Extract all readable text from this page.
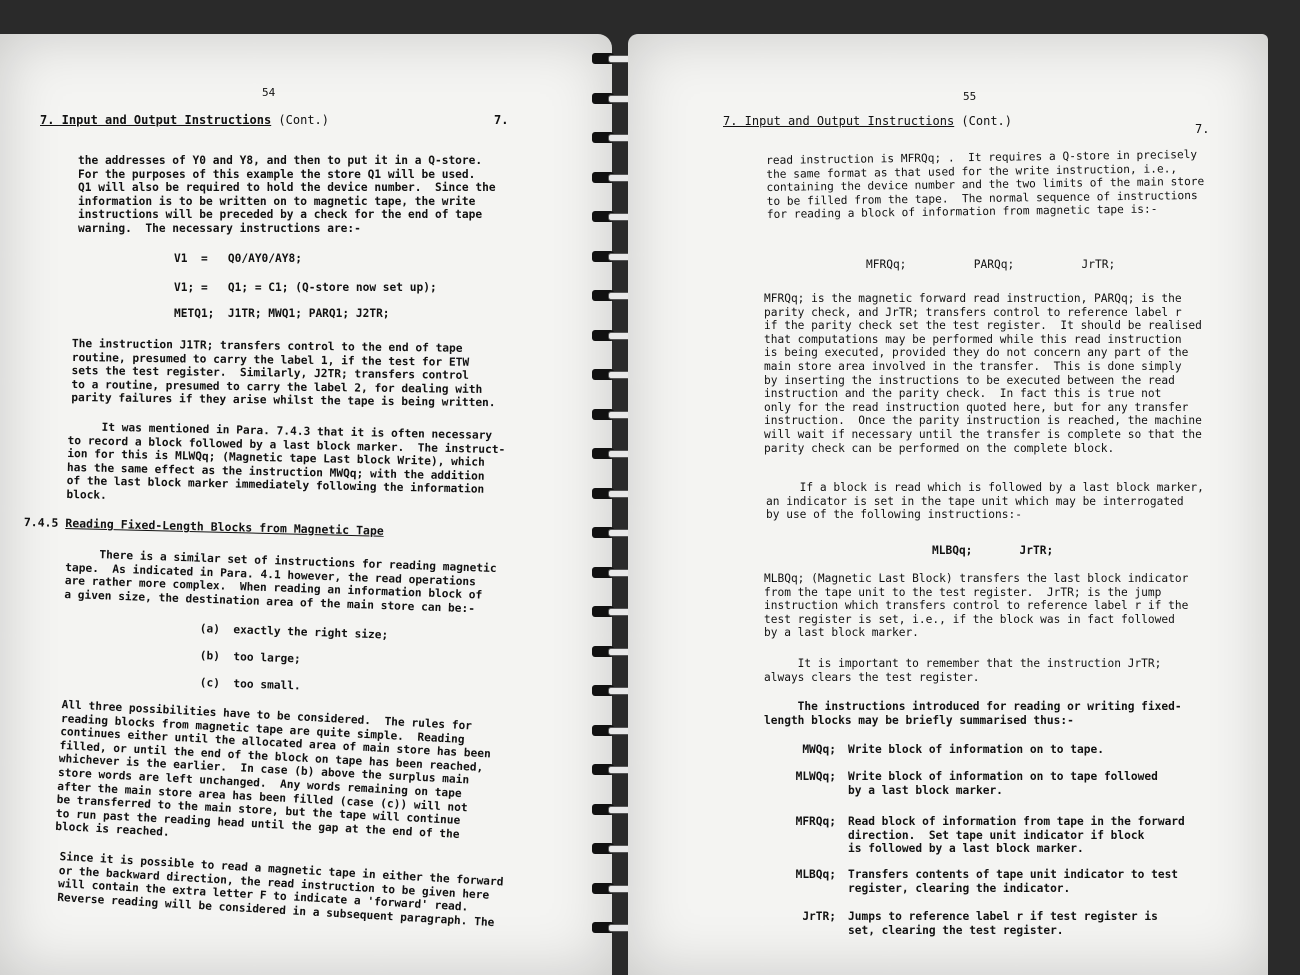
54
7. Input and Output Instructions (Cont.)	7.
the addresses of Y0 and Y8, and then to put it in a Q-store.
For the purposes of this example the store Q1 will be used.
Q1 will also be required to hold the device number.  Since the
information is to be written on to magnetic tape, the write
instructions will be preceded by a check for the end of tape
warning.  The necessary instructions are:-
V1  =   Q0/AY0/AY8;
V1; =   Q1; = C1; (Q-store now set up);
METQ1;  J1TR; MWQ1; PARQ1; J2TR;
The instruction J1TR; transfers control to the end of tape
routine, presumed to carry the label 1, if the test for ETW
sets the test register.  Similarly, J2TR; transfers control
to a routine, presumed to carry the label 2, for dealing with
parity failures if they arise whilst the tape is being written.
It was mentioned in Para. 7.4.3 that it is often necessary
to record a block followed by a last block marker.  The instruct-
ion for this is MLWQq; (Magnetic tape Last block Write), which
has the same effect as the instruction MWQq; with the addition
of the last block marker immediately following the information
block.
7.4.5 Reading Fixed-Length Blocks from Magnetic Tape
There is a similar set of instructions for reading magnetic
tape.  As indicated in Para. 4.1 however, the read operations
are rather more complex.  When reading an information block of
a given size, the destination area of the main store can be:-
(a)  exactly the right size;
(b)  too large;
(c)  too small.
All three possibilities have to be considered.  The rules for
reading blocks from magnetic tape are quite simple.  Reading
continues either until the allocated area of main store has been
filled, or until the end of the block on tape has been reached,
whichever is the earlier.  In case (b) above the surplus main
store words are left unchanged.  Any words remaining on tape
after the main store area has been filled (case (c)) will not
be transferred to the main store, but the tape will continue
to run past the reading head until the gap at the end of the
block is reached.
Since it is possible to read a magnetic tape in either the forward
or the backward direction, the read instruction to be given here
will contain the extra letter F to indicate a 'forward' read.
Reverse reading will be considered in a subsequent paragraph. The
55
7. Input and Output Instructions (Cont.)
7.
read instruction is MFRQq; .  It requires a Q-store in precisely
the same format as that used for the write instruction, i.e.,
containing the device number and the two limits of the main store
to be filled from the tape.  The normal sequence of instructions
for reading a block of information from magnetic tape is:-
MFRQq;          PARQq;          JrTR;
MFRQq; is the magnetic forward read instruction, PARQq; is the
parity check, and JrTR; transfers control to reference label r
if the parity check set the test register.  It should be realised
that computations may be performed while this read instruction
is being executed, provided they do not concern any part of the
main store area involved in the transfer.  This is done simply
by inserting the instructions to be executed between the read
instruction and the parity check.  In fact this is true not
only for the read instruction quoted here, but for any transfer
instruction.  Once the parity instruction is reached, the machine
will wait if necessary until the transfer is complete so that the
parity check can be performed on the complete block.
If a block is read which is followed by a last block marker,
an indicator is set in the tape unit which may be interrogated
by use of the following instructions:-
MLBQq;       JrTR;
MLBQq; (Magnetic Last Block) transfers the last block indicator
from the tape unit to the test register.  JrTR; is the jump
instruction which transfers control to reference label r if the
test register is set, i.e., if the block was in fact followed
by a last block marker.
It is important to remember that the instruction JrTR;
always clears the test register.
The instructions introduced for reading or writing fixed-
length blocks may be briefly summarised thus:-
MWQq; Write block of information on to tape.
MLWQq; Write block of information on to tape followed
by a last block marker.
MFRQq; Read block of information from tape in the forward
direction.  Set tape unit indicator if block
is followed by a last block marker.
MLBQq; Transfers contents of tape unit indicator to test
register, clearing the indicator.
JrTR; Jumps to reference label r if test register is
set, clearing the test register.
